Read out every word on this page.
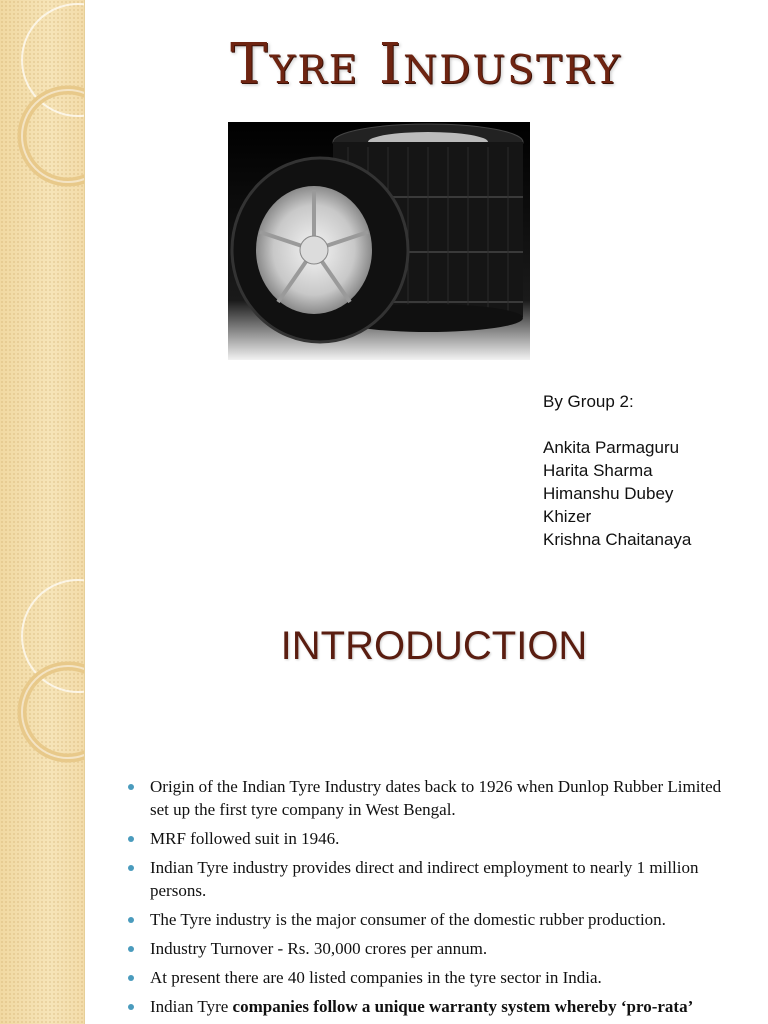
Tyre Industry
By Group 2:
Ankita Parmaguru
Harita Sharma
Himanshu Dubey
Khizer
Krishna Chaitanaya
INTRODUCTION
Origin of the Indian Tyre Industry dates back to 1926 when Dunlop Rubber Limited set up the first tyre company in West Bengal.
MRF followed suit in 1946.
Indian Tyre industry provides direct and indirect employment to nearly 1 million persons.
The Tyre industry is the major consumer of the domestic rubber production.
Industry Turnover - Rs. 30,000 crores per annum.
At present there are 40 listed companies in the tyre sector in India.
Indian Tyre companies follow a unique warranty system whereby ‘pro-rata’
